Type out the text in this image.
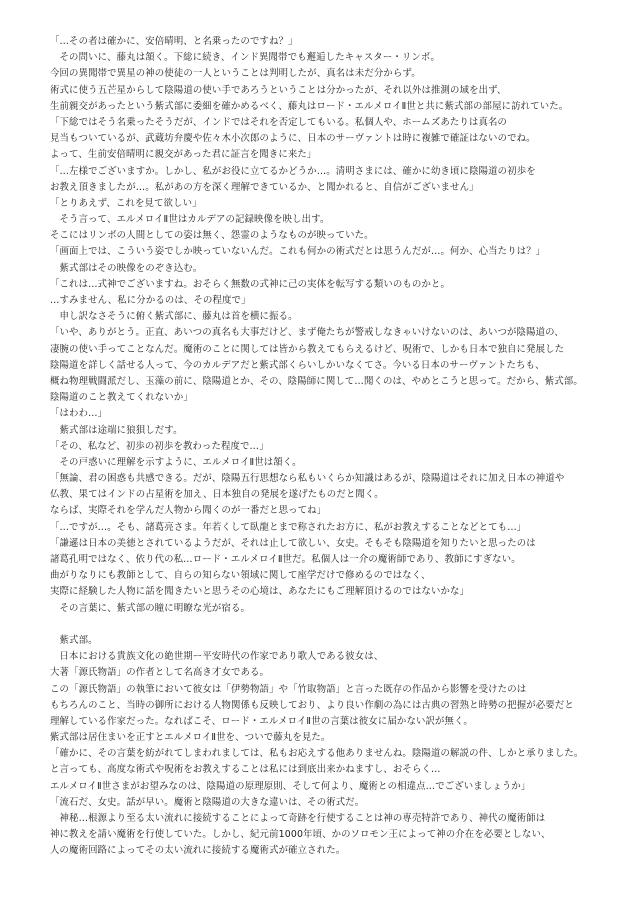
「…その者は確かに、安倍晴明、と名乗ったのですね？」
　その問いに、藤丸は頷く。下総に続き、インド異聞帯でも邂逅したキャスター・リンボ。
今回の異聞帯で異星の神の使徒の一人ということは判明したが、真名は未だ分からず。
術式に使う五芒星からして陰陽道の使い手であろうということは分かったが、それ以外は推測の域を出ず、
生前親交があったという紫式部に委細を確かめるべく、藤丸はロード・エルメロイⅡ世と共に紫式部の部屋に訪れていた。
「下総ではそう名乗ったそうだが、インドではそれを否定してもいる。私個人や、ホームズあたりは真名の
見当もついているが、武蔵坊弁慶や佐々木小次郎のように、日本のサーヴァントは時に複雑で確証はないのでね。
よって、生前安倍晴明に親交があった君に証言を聞きに来た」
「…左様でございますか。しかし、私がお役に立てるかどうか…。清明さまには、確かに幼き頃に陰陽道の初歩を
お教え頂きましたが…。私があの方を深く理解できているか、と聞かれると、自信がございません」
「とりあえず、これを見て欲しい」
　そう言って、エルメロイⅡ世はカルデアの記録映像を映し出す。
そこにはリンボの人間としての姿は無く、怨霊のようなものが映っていた。
「画面上では、こういう姿でしか映っていないんだ。これも何かの術式だとは思うんだが…。何か、心当たりは？」
　紫式部はその映像をのぞき込む。
「これは…式神でございますね。おそらく無数の式神に己の実体を転写する類いのものかと。
…すみません、私に分かるのは、その程度で」
　申し訳なさそうに俯く紫式部に、藤丸は首を横に振る。
「いや、ありがとう。正直、あいつの真名も大事だけど、まず俺たちが警戒しなきゃいけないのは、あいつが陰陽道の、
凄腕の使い手ってことなんだ。魔術のことに関しては皆から教えてもらえるけど、呪術で、しかも日本で独自に発展した
陰陽道を詳しく話せる人って、今のカルデアだと紫式部くらいしかいなくてさ。今いる日本のサーヴァントたちも、
概ね物理戦闘派だし、玉藻の前に、陰陽道とか、その、陰陽師に関して…聞くのは、やめとこうと思って。だから、紫式部。
陰陽道のこと教えてくれないか」
「はわわ…」
　紫式部は途端に狼狽しだす。
「その、私など、初歩の初歩を教わった程度で…」
　その戸惑いに理解を示すように、エルメロイⅡ世は頷く。
「無論、君の困惑も共感できる。だが、陰陽五行思想なら私もいくらか知識はあるが、陰陽道はそれに加え日本の神道や
仏教、果てはインドの占星術を加え、日本独自の発展を遂げたものだと聞く。
ならば、実際それを学んだ人物から聞くのが一番だと思ってね」
「…ですが…。そも、諸葛亮さま。年若くして臥龍とまで称されたお方に、私がお教えすることなどとても…」
「謙遜は日本の美徳とされているようだが、それは止して欲しい、女史。そもそも陰陽道を知りたいと思ったのは
諸葛孔明ではなく、依り代の私…ロード・エルメロイⅡ世だ。私個人は一介の魔術師であり、教師にすぎない。
曲がりなりにも教師として、自らの知らない領域に関して座学だけで修めるのではなく、
実際に経験した人物に話を聞きたいと思うその心境は、あなたにもご理解頂けるのではないかな」
　その言葉に、紫式部の瞳に明瞭な光が宿る。
　紫式部。
　日本における貴族文化の絶世期ー平安時代の作家であり歌人である彼女は、
大著「源氏物語」の作者として名高き才女である。
この「源氏物語」の執筆において彼女は「伊勢物語」や「竹取物語」と言った既存の作品から影響を受けたのは
もちろんのこと、当時の御所における人物関係も反映しており、より良い作劇の為には古典の習熟と時勢の把握が必要だと
理解している作家だった。なればこそ、ロード・エルメロイⅡ世の言葉は彼女に届かない訳が無く。
紫式部は居住まいを正すとエルメロイⅡ世を、ついで藤丸を見た。
「確かに、その言葉を紡がれてしまわれましては、私もお応えする他ありませんね。陰陽道の解説の件、しかと承りました。
と言っても、高度な術式や呪術をお教えすることは私には到底出来かねますし、おそらく…
エルメロイⅡ世さまがお望みなのは、陰陽道の原理原則、そして何より、魔術との相違点…でございましょうか」
「流石だ、女史。話が早い。魔術と陰陽道の大きな違いは、その術式だ。
　神秘…根源より至る太い流れに接続することによって奇跡を行使することは神の専売特許であり、神代の魔術師は
神に教えを請い魔術を行使していた。しかし、紀元前1000年頃、かのソロモン王によって神の介在を必要としない、
人の魔術回路によってその太い流れに接続する魔術式が確立された。
